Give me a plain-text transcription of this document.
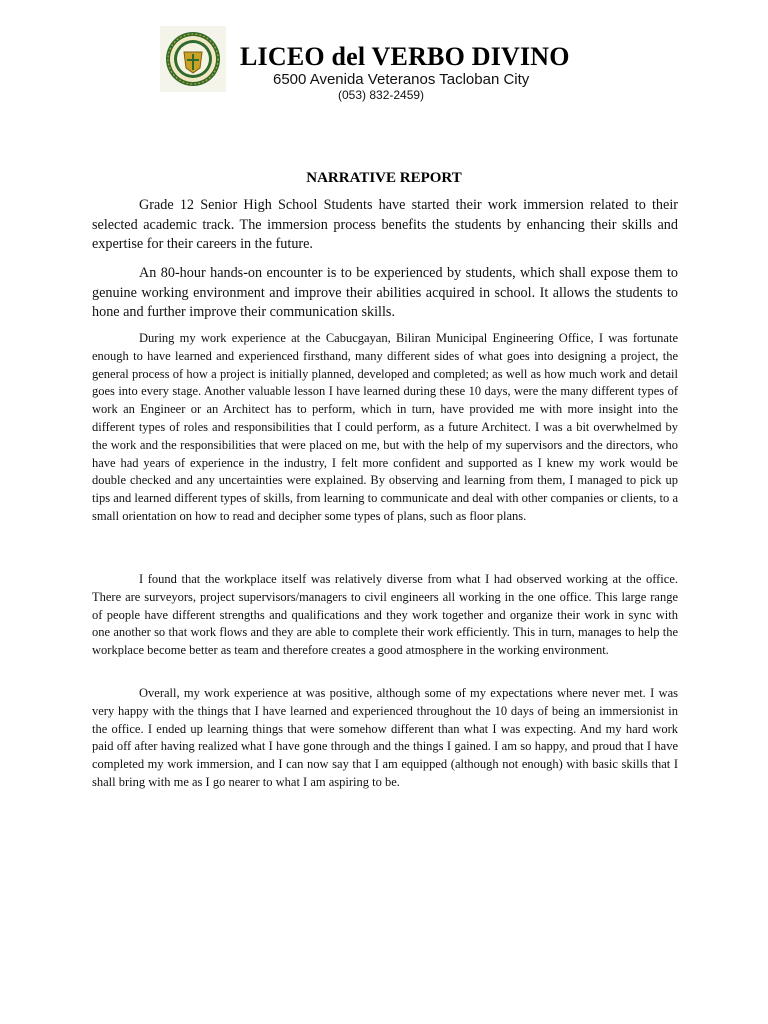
LICEO del VERBO DIVINO
6500 Avenida Veteranos Tacloban City
(053) 832-2459)
NARRATIVE REPORT

Grade 12 Senior High School Students have started their work immersion related to their selected academic track. The immersion process benefits the students by enhancing their skills and expertise for their careers in the future.

An 80-hour hands-on encounter is to be experienced by students, which shall expose them to genuine working environment and improve their abilities acquired in school. It allows the students to hone and further improve their communication skills.

During my work experience at the Cabucgayan, Biliran Municipal Engineering Office, I was fortunate enough to have learned and experienced firsthand, many different sides of what goes into designing a project, the general process of how a project is initially planned, developed and completed; as well as how much work and detail goes into every stage. Another valuable lesson I have learned during these 10 days, were the many different types of work an Engineer or an Architect has to perform, which in turn, have provided me with more insight into the different types of roles and responsibilities that I could perform, as a future Architect. I was a bit overwhelmed by the work and the responsibilities that were placed on me, but with the help of my supervisors and the directors, who have had years of experience in the industry, I felt more confident and supported as I knew my work would be double checked and any uncertainties were explained. By observing and learning from them, I managed to pick up tips and learned different types of skills, from learning to communicate and deal with other companies or clients, to a small orientation on how to read and decipher some types of plans, such as floor plans.

I found that the workplace itself was relatively diverse from what I had observed working at the office. There are surveyors, project supervisors/managers to civil engineers all working in the one office. This large range of people have different strengths and qualifications and they work together and organize their work in sync with one another so that work flows and they are able to complete their work efficiently. This in turn, manages to help the workplace become better as team and therefore creates a good atmosphere in the working environment.

Overall, my work experience at was positive, although some of my expectations where never met. I was very happy with the things that I have learned and experienced throughout the 10 days of being an immersionist in the office. I ended up learning things that were somehow different than what I was expecting. And my hard work paid off after having realized what I have gone through and the things I gained. I am so happy, and proud that I have completed my work immersion, and I can now say that I am equipped (although not enough) with basic skills that I shall bring with me as I go nearer to what I am aspiring to be.
